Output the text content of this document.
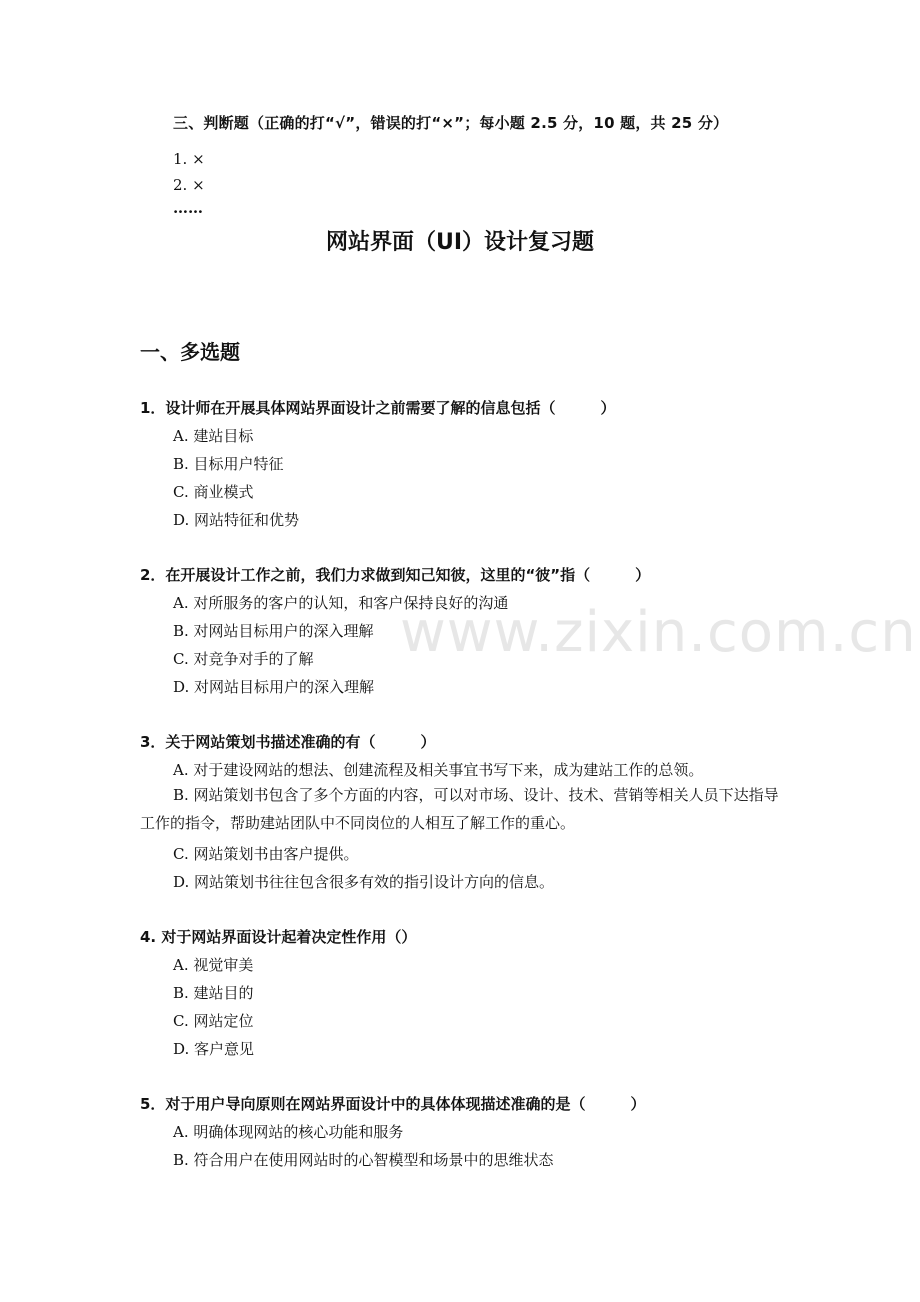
www.zixin.com.cn
三、判断题（正确的打“√”，错误的打“×”；每小题 2.5 分，10 题，共 25 分）
1. ×
2. ×
……
网站界面（UI）设计复习题
一、多选题
1．设计师在开展具体网站界面设计之前需要了解的信息包括（　　　）
A. 建站目标
B. 目标用户特征
C. 商业模式
D. 网站特征和优势
2．在开展设计工作之前，我们力求做到知己知彼，这里的“彼”指（　　　）
A. 对所服务的客户的认知，和客户保持良好的沟通
B. 对网站目标用户的深入理解
C. 对竞争对手的了解
D. 对网站目标用户的深入理解
3．关于网站策划书描述准确的有（　　　）
A. 对于建设网站的想法、创建流程及相关事宜书写下来，成为建站工作的总领。
B. 网站策划书包含了多个方面的内容，可以对市场、设计、技术、营销等相关人员下达指导工作的指令，帮助建站团队中不同岗位的人相互了解工作的重心。
C. 网站策划书由客户提供。
D. 网站策划书往往包含很多有效的指引设计方向的信息。
4. 对于网站界面设计起着决定性作用（）
A. 视觉审美
B. 建站目的
C. 网站定位
D. 客户意见
5．对于用户导向原则在网站界面设计中的具体体现描述准确的是（　　　）
A. 明确体现网站的核心功能和服务
B. 符合用户在使用网站时的心智模型和场景中的思维状态
